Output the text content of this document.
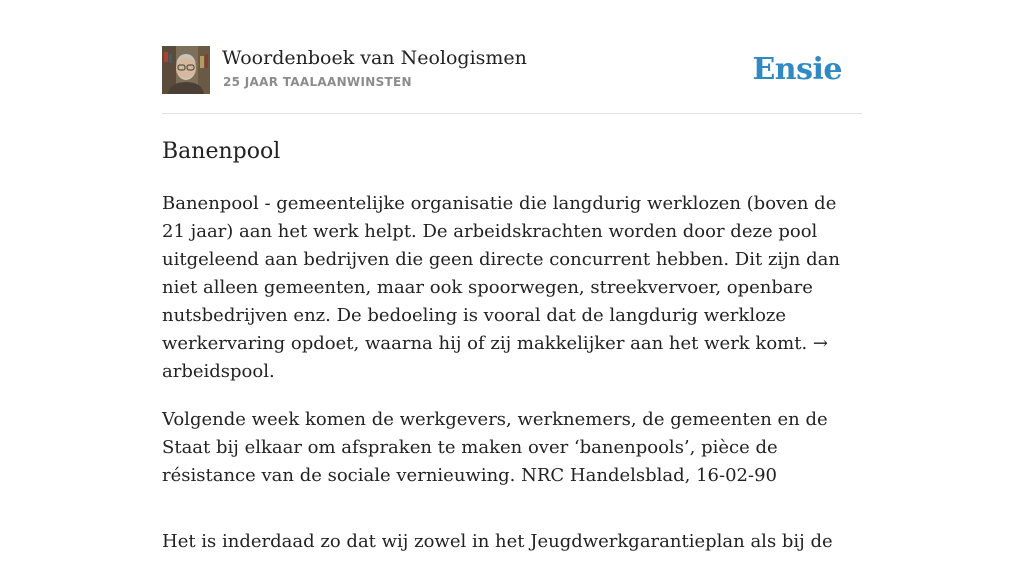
Woordenboek van Neologismen
25 JAAR TAALAANWINSTEN	Ensie
Banenpool

Banenpool - gemeentelijke organisatie die langdurig werklozen (boven de 21 jaar) aan het werk helpt. De arbeidskrachten worden door deze pool uitgeleend aan bedrijven die geen directe concurrent hebben. Dit zijn dan niet alleen gemeenten, maar ook spoorwegen, streekvervoer, openbare nutsbedrijven enz. De bedoeling is vooral dat de langdurig werkloze werkervaring opdoet, waarna hij of zij makkelijker aan het werk komt. → arbeidspool.

Volgende week komen de werkgevers, werknemers, de gemeenten en de Staat bij elkaar om afspraken te maken over ‘banenpools’, pièce de résistance van de sociale vernieuwing. NRC Handelsblad, 16-02-90

Het is inderdaad zo dat wij zowel in het Jeugdwerkgarantieplan als bij de
